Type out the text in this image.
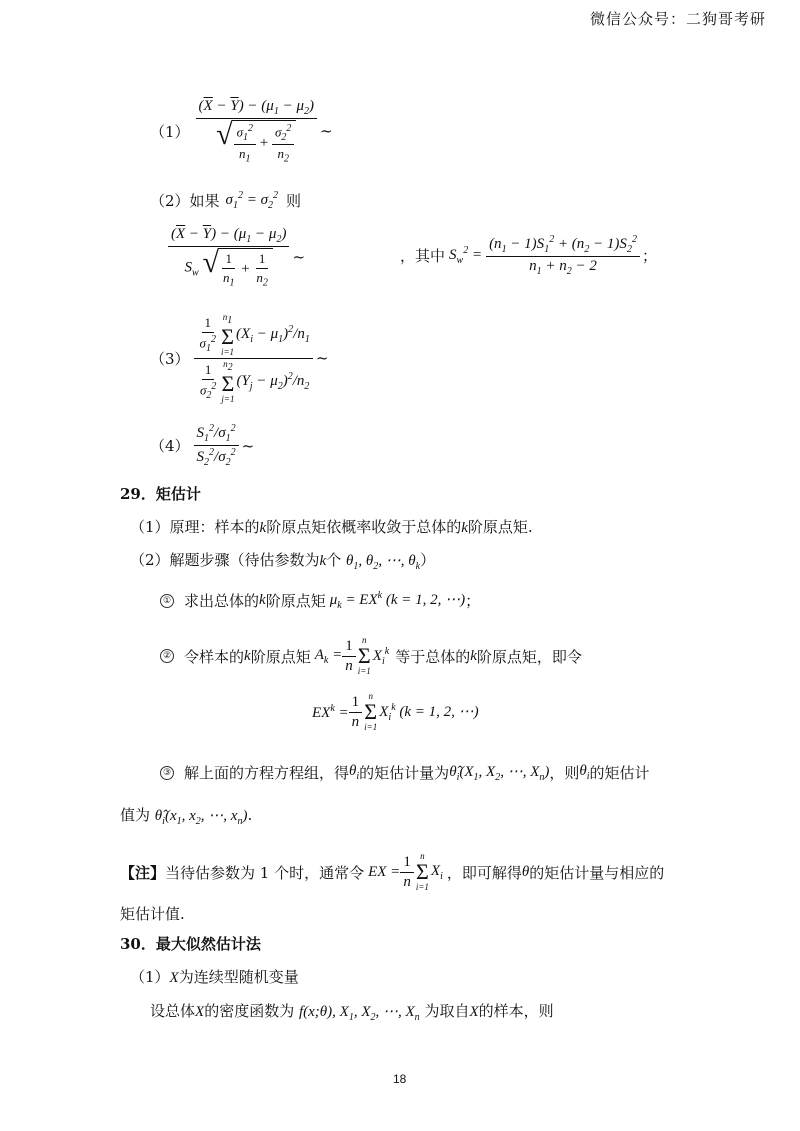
微信公众号：二狗哥考研
$(1) \frac{(\overline{X} - \overline{Y}) - (\mu_1 - \mu_2)}{√ \frac{\sigma_1^2}{n_1} + \frac{\sigma_2^2}{n_2}}$ ~
（2）如果 $\sigma_1^2 = \sigma_2^2$ 则
$\frac{(\overline{X} - \overline{Y}) - (\mu_1 - \mu_2)}{S_w √ \frac{1}{n_1} + \frac{1}{n_2}}$ ~	，其中 $S_w^2 = \frac{(n_1 - 1)S_1^2 + (n_2 - 1)S_2^2}{n_1 + n_2 - 2}$ ；
$(3) \frac{1}{\sigma_1^2} n_1$
Σ
i=1
$(X_i - \mu_1)^2/n_1$
$\frac{1}{\sigma_2^2} n_2$
Σ
j=1
$(Y_j - \mu_2)^2/n_2$ ~
$(4) \frac{S_1^2/\sigma_1^2}{S_2^2/\sigma_2^2}$ ~
29．矩估计
（1）原理：样本的k阶原点矩依概率收敛于总体的k阶原点矩.
（2）解题步骤（待估参数为k个 $\theta_1$, $\theta_2$, ⋯, $\theta_k$）
① 求出总体的 k 阶原点矩 $\mu_k = EX^k$ (k = 1, 2, ⋯) ；
② 令样本的 k 阶原点矩 $A_k = \frac{1}{n}$ n
Σ
i=1
$X_i^k$ 等于总体的 k 阶原点矩，即令
$EX^k = \frac{1}{n}$ n
Σ
i=1
$X_i^k$ (k = 1, 2, ⋯)
③ 解上面的方程方程组，得 $\theta_i$ 的矩估计量为 $\thetâ_i(X_1$, $X_2$, ⋯, $X_n$) ，则 $\theta_i$ 的矩估计
值为 $\thetâ_i(x_1$, $x_2$, ⋯, $x_n$).
【注】 当待估参数为 1 个时，通常令 EX = $\frac{1}{n}$ n
Σ
i=1
$X_i$ ，即可解得 θ 的矩估计量与相应的
矩估计值.
30．最大似然估计法
（1）X为连续型随机变量
设总体X的密度函数为 f(x;θ), $X_1$, $X_2$, ⋯, $X_n$ 为取自X的样本，则
18
